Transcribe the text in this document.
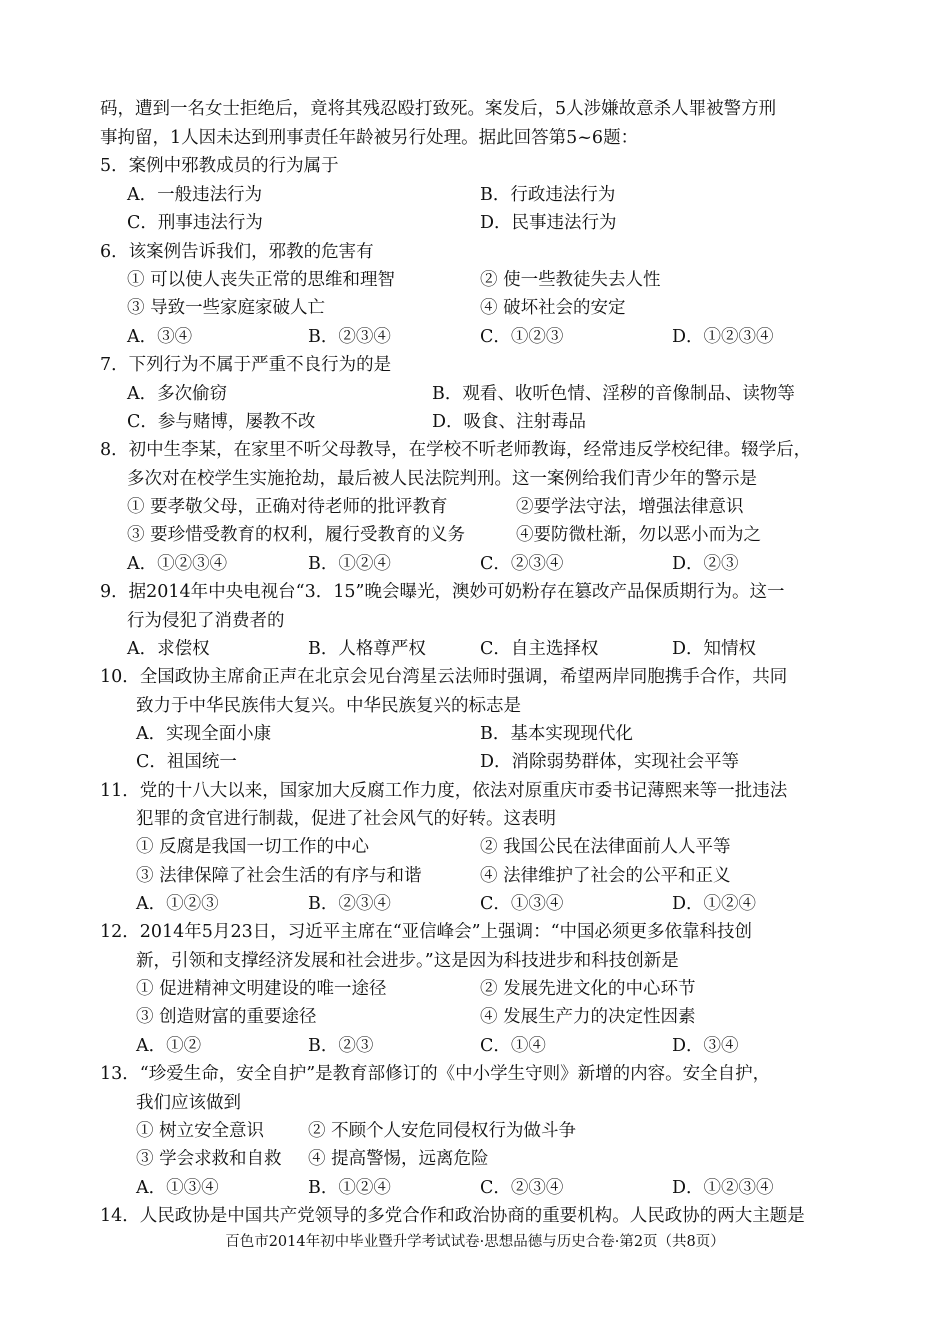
码，遭到一名女士拒绝后，竟将其残忍殴打致死。案发后，5人涉嫌故意杀人罪被警方刑
事拘留，1人因未达到刑事责任年龄被另行处理。据此回答第5~6题：
5．案例中邪教成员的行为属于
A．一般违法行为	B．行政违法行为
C．刑事违法行为	D．民事违法行为
6．该案例告诉我们，邪教的危害有
① 可以使人丧失正常的思维和理智	② 使一些教徒失去人性
③ 导致一些家庭家破人亡	④ 破坏社会的安定
A．③④	B．②③④	C．①②③	D．①②③④
7．下列行为不属于严重不良行为的是
A．多次偷窃	B．观看、收听色情、淫秽的音像制品、读物等
C．参与赌博，屡教不改	D．吸食、注射毒品
8．初中生李某，在家里不听父母教导，在学校不听老师教诲，经常违反学校纪律。辍学后，
多次对在校学生实施抢劫，最后被人民法院判刑。这一案例给我们青少年的警示是
① 要孝敬父母，正确对待老师的批评教育	②要学法守法，增强法律意识
③ 要珍惜受教育的权利，履行受教育的义务	④要防微杜渐，勿以恶小而为之
A．①②③④	B．①②④	C．②③④	D．②③
9．据2014年中央电视台“3．15”晚会曝光，澳妙可奶粉存在篡改产品保质期行为。这一
行为侵犯了消费者的
A．求偿权	B．人格尊严权	C．自主选择权	D．知情权
10．全国政协主席俞正声在北京会见台湾星云法师时强调，希望两岸同胞携手合作，共同
致力于中华民族伟大复兴。中华民族复兴的标志是
A．实现全面小康	B．基本实现现代化
C．祖国统一	D．消除弱势群体，实现社会平等
11．党的十八大以来，国家加大反腐工作力度，依法对原重庆市委书记薄熙来等一批违法
犯罪的贪官进行制裁，促进了社会风气的好转。这表明
① 反腐是我国一切工作的中心	② 我国公民在法律面前人人平等
③ 法律保障了社会生活的有序与和谐	④ 法律维护了社会的公平和正义
A．①②③	B．②③④	C．①③④	D．①②④
12．2014年5月23日，习近平主席在“亚信峰会”上强调：“中国必须更多依靠科技创
新，引领和支撑经济发展和社会进步。”这是因为科技进步和科技创新是
① 促进精神文明建设的唯一途径	② 发展先进文化的中心环节
③ 创造财富的重要途径	④ 发展生产力的决定性因素
A．①②	B．②③	C．①④	D．③④
13．“珍爱生命，安全自护”是教育部修订的《中小学生守则》新增的内容。安全自护，
我们应该做到
① 树立安全意识	② 不顾个人安危同侵权行为做斗争
③ 学会求救和自救 ④ 提高警惕，远离危险
A．①③④	B．①②④	C．②③④	D．①②③④
14．人民政协是中国共产党领导的多党合作和政治协商的重要机构。人民政协的两大主题是
百色市2014年初中毕业暨升学考试试卷·思想品德与历史合卷·第2页（共8页）
